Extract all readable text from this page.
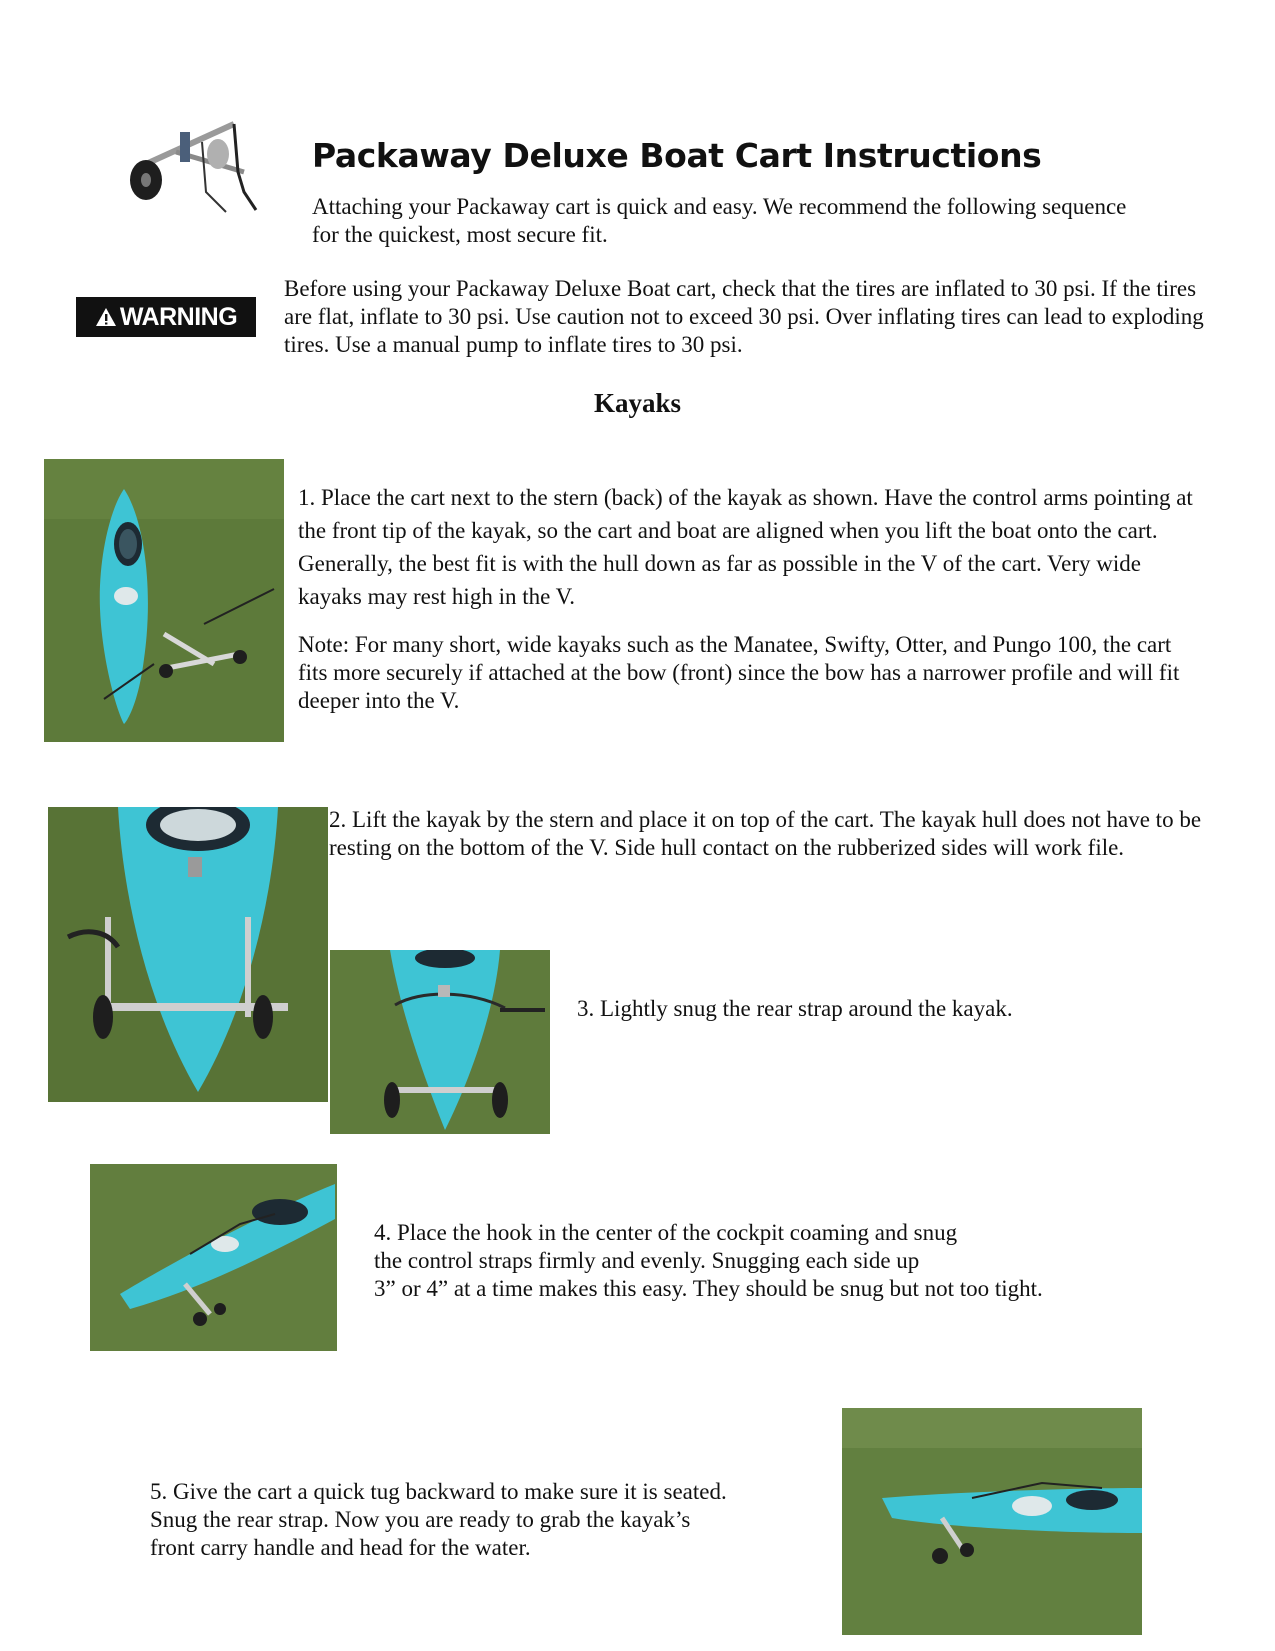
Packaway Deluxe Boat Cart Instructions
Attaching your Packaway cart is quick and easy. We recommend the following sequence for the quickest, most secure fit.
WARNING
Before using your Packaway Deluxe Boat cart, check that the tires are inflated to 30 psi. If the tires are flat, inflate to 30 psi. Use caution not to exceed 30 psi. Over inflating tires can lead to exploding tires. Use a manual pump to inflate tires to 30 psi.
Kayaks
1. Place the cart next to the stern (back) of the kayak as shown. Have the control arms pointing at the front tip of the kayak, so the cart and boat are aligned when you lift the boat onto the cart. Generally, the best fit is with the hull down as far as possible in the V of the cart. Very wide kayaks may rest high in the V.
Note: For many short, wide kayaks such as the Manatee, Swifty, Otter, and Pungo 100, the cart fits more securely if attached at the bow (front) since the bow has a narrower profile and will fit deeper into the V.
2. Lift the kayak by the stern and place it on top of the cart. The kayak hull does not have to be resting on the bottom of the V. Side hull contact on the rubberized sides will work file.
3. Lightly snug the rear strap around the kayak.
4. Place the hook in the center of the cockpit coaming and snug
the control straps firmly and evenly. Snugging each side up
3” or 4” at a time makes this easy. They should be snug but not too tight.
5. Give the cart a quick tug backward to make sure it is seated.
Snug the rear strap. Now you are ready to grab the kayak’s
front carry handle and head for the water.
